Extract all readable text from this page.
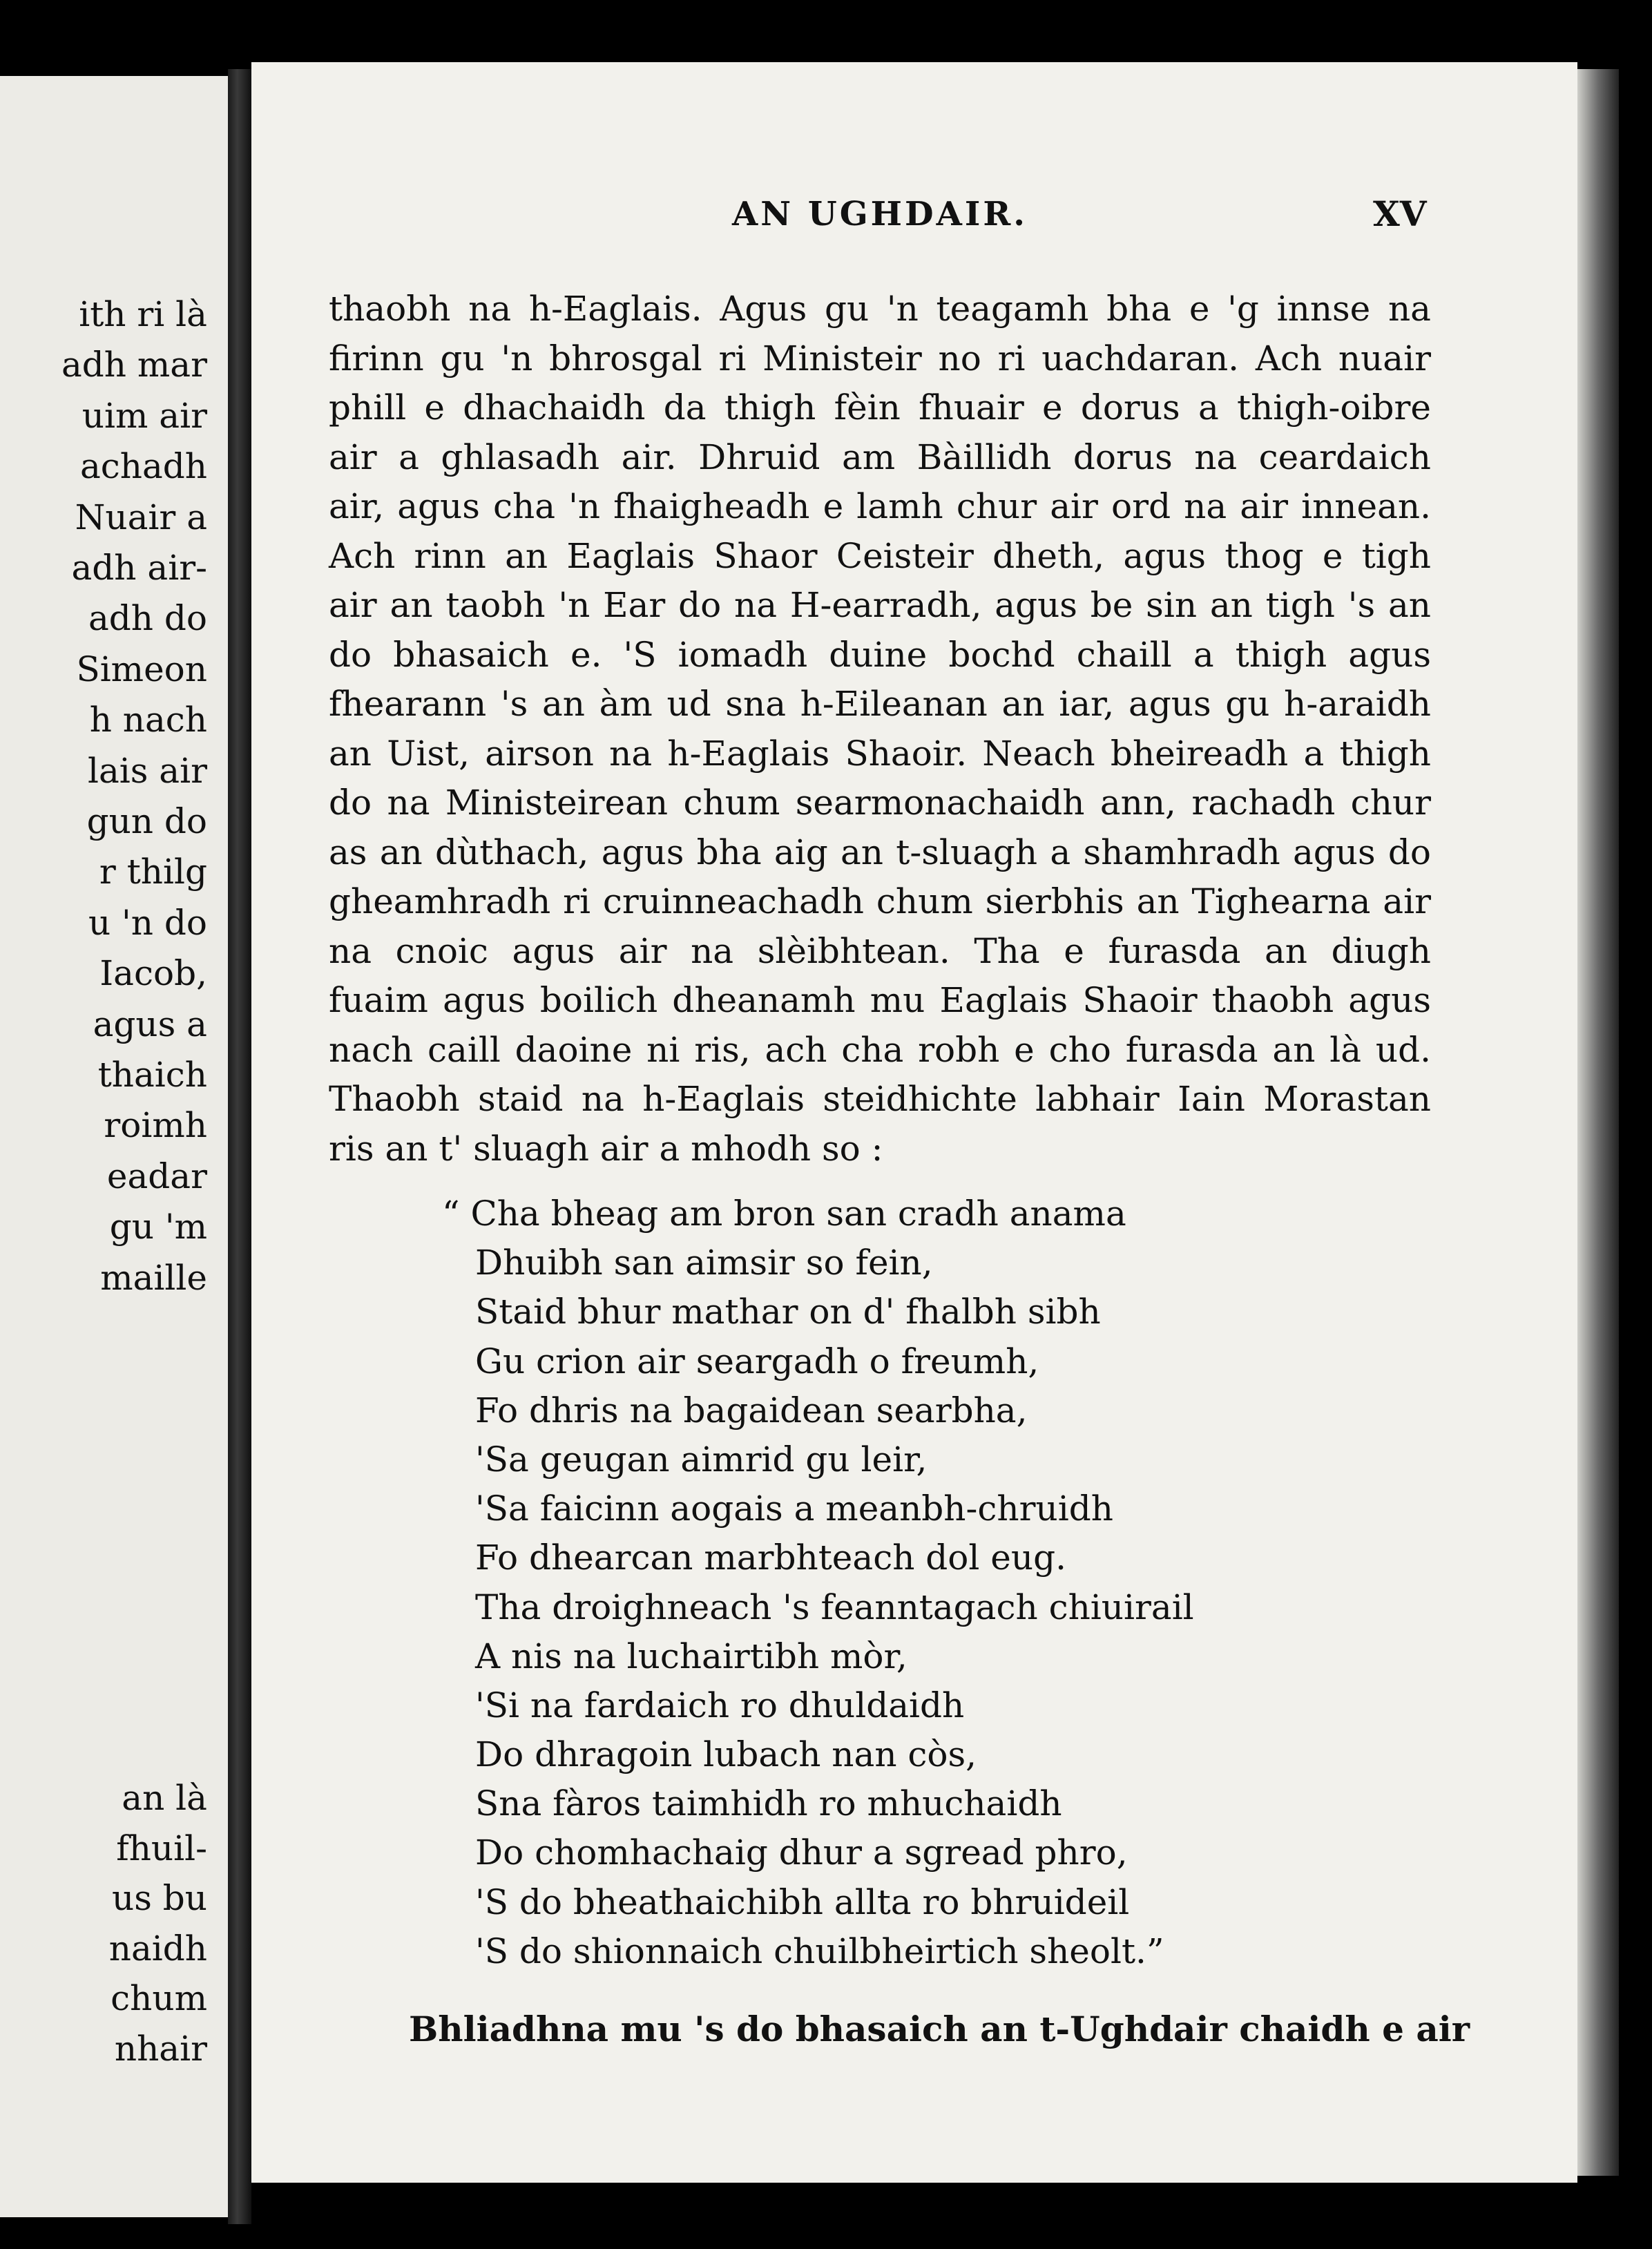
ith ri là
adh mar
uim air
achadh
Nuair a
adh air-
adh do
Simeon
h nach
lais air
gun do
r thilg
u 'n do
Iacob,
agus a
thaich
roimh
eadar
gu 'm
maille
an là
fhuil-
us bu
naidh
chum
nhair
AN UGHDAIR.	XV
thaobh na h-Eaglais. Agus gu 'n teagamh bha e 'g innse na
firinn gu 'n bhrosgal ri Ministeir no ri uachdaran. Ach nuair
phill e dhachaidh da thigh fèin fhuair e dorus a thigh-oibre
air a ghlasadh air. Dhruid am Bàillidh dorus na ceardaich
air, agus cha 'n fhaigheadh e lamh chur air ord na air innean.
Ach rinn an Eaglais Shaor Ceisteir dheth, agus thog e tigh
air an taobh 'n Ear do na H-earradh, agus be sin an tigh 's an
do bhasaich e. 'S iomadh duine bochd chaill a thigh agus
fhearann 's an àm ud sna h-Eileanan an iar, agus gu h-araidh
an Uist, airson na h-Eaglais Shaoir. Neach bheireadh a thigh
do na Ministeirean chum searmonachaidh ann, rachadh chur
as an dùthach, agus bha aig an t-sluagh a shamhradh agus do
gheamhradh ri cruinneachadh chum sierbhis an Tighearna air
na cnoic agus air na slèibhtean. Tha e furasda an diugh
fuaim agus boilich dheanamh mu Eaglais Shaoir thaobh agus
nach caill daoine ni ris, ach cha robh e cho furasda an là ud.
Thaobh staid na h-Eaglais steidhichte labhair Iain Morastan
ris an t' sluagh air a mhodh so :
“ Cha bheag am bron san cradh anama
Dhuibh san aimsir so fein,
Staid bhur mathar on d' fhalbh sibh
Gu crion air seargadh o freumh,
Fo dhris na bagaidean searbha,
'Sa geugan aimrid gu leir,
'Sa faicinn aogais a meanbh-chruidh
Fo dhearcan marbhteach dol eug.
Tha droighneach 's feanntagach chiuirail
A nis na luchairtibh mòr,
'Si na fardaich ro dhuldaidh
Do dhragoin lubach nan còs,
Sna fàros taimhidh ro mhuchaidh
Do chomhachaig dhur a sgread phro,
'S do bheathaichibh allta ro bhruideil
'S do shionnaich chuilbheirtich sheolt.”
Bhliadhna mu 's do bhasaich an t-Ughdair chaidh e air
